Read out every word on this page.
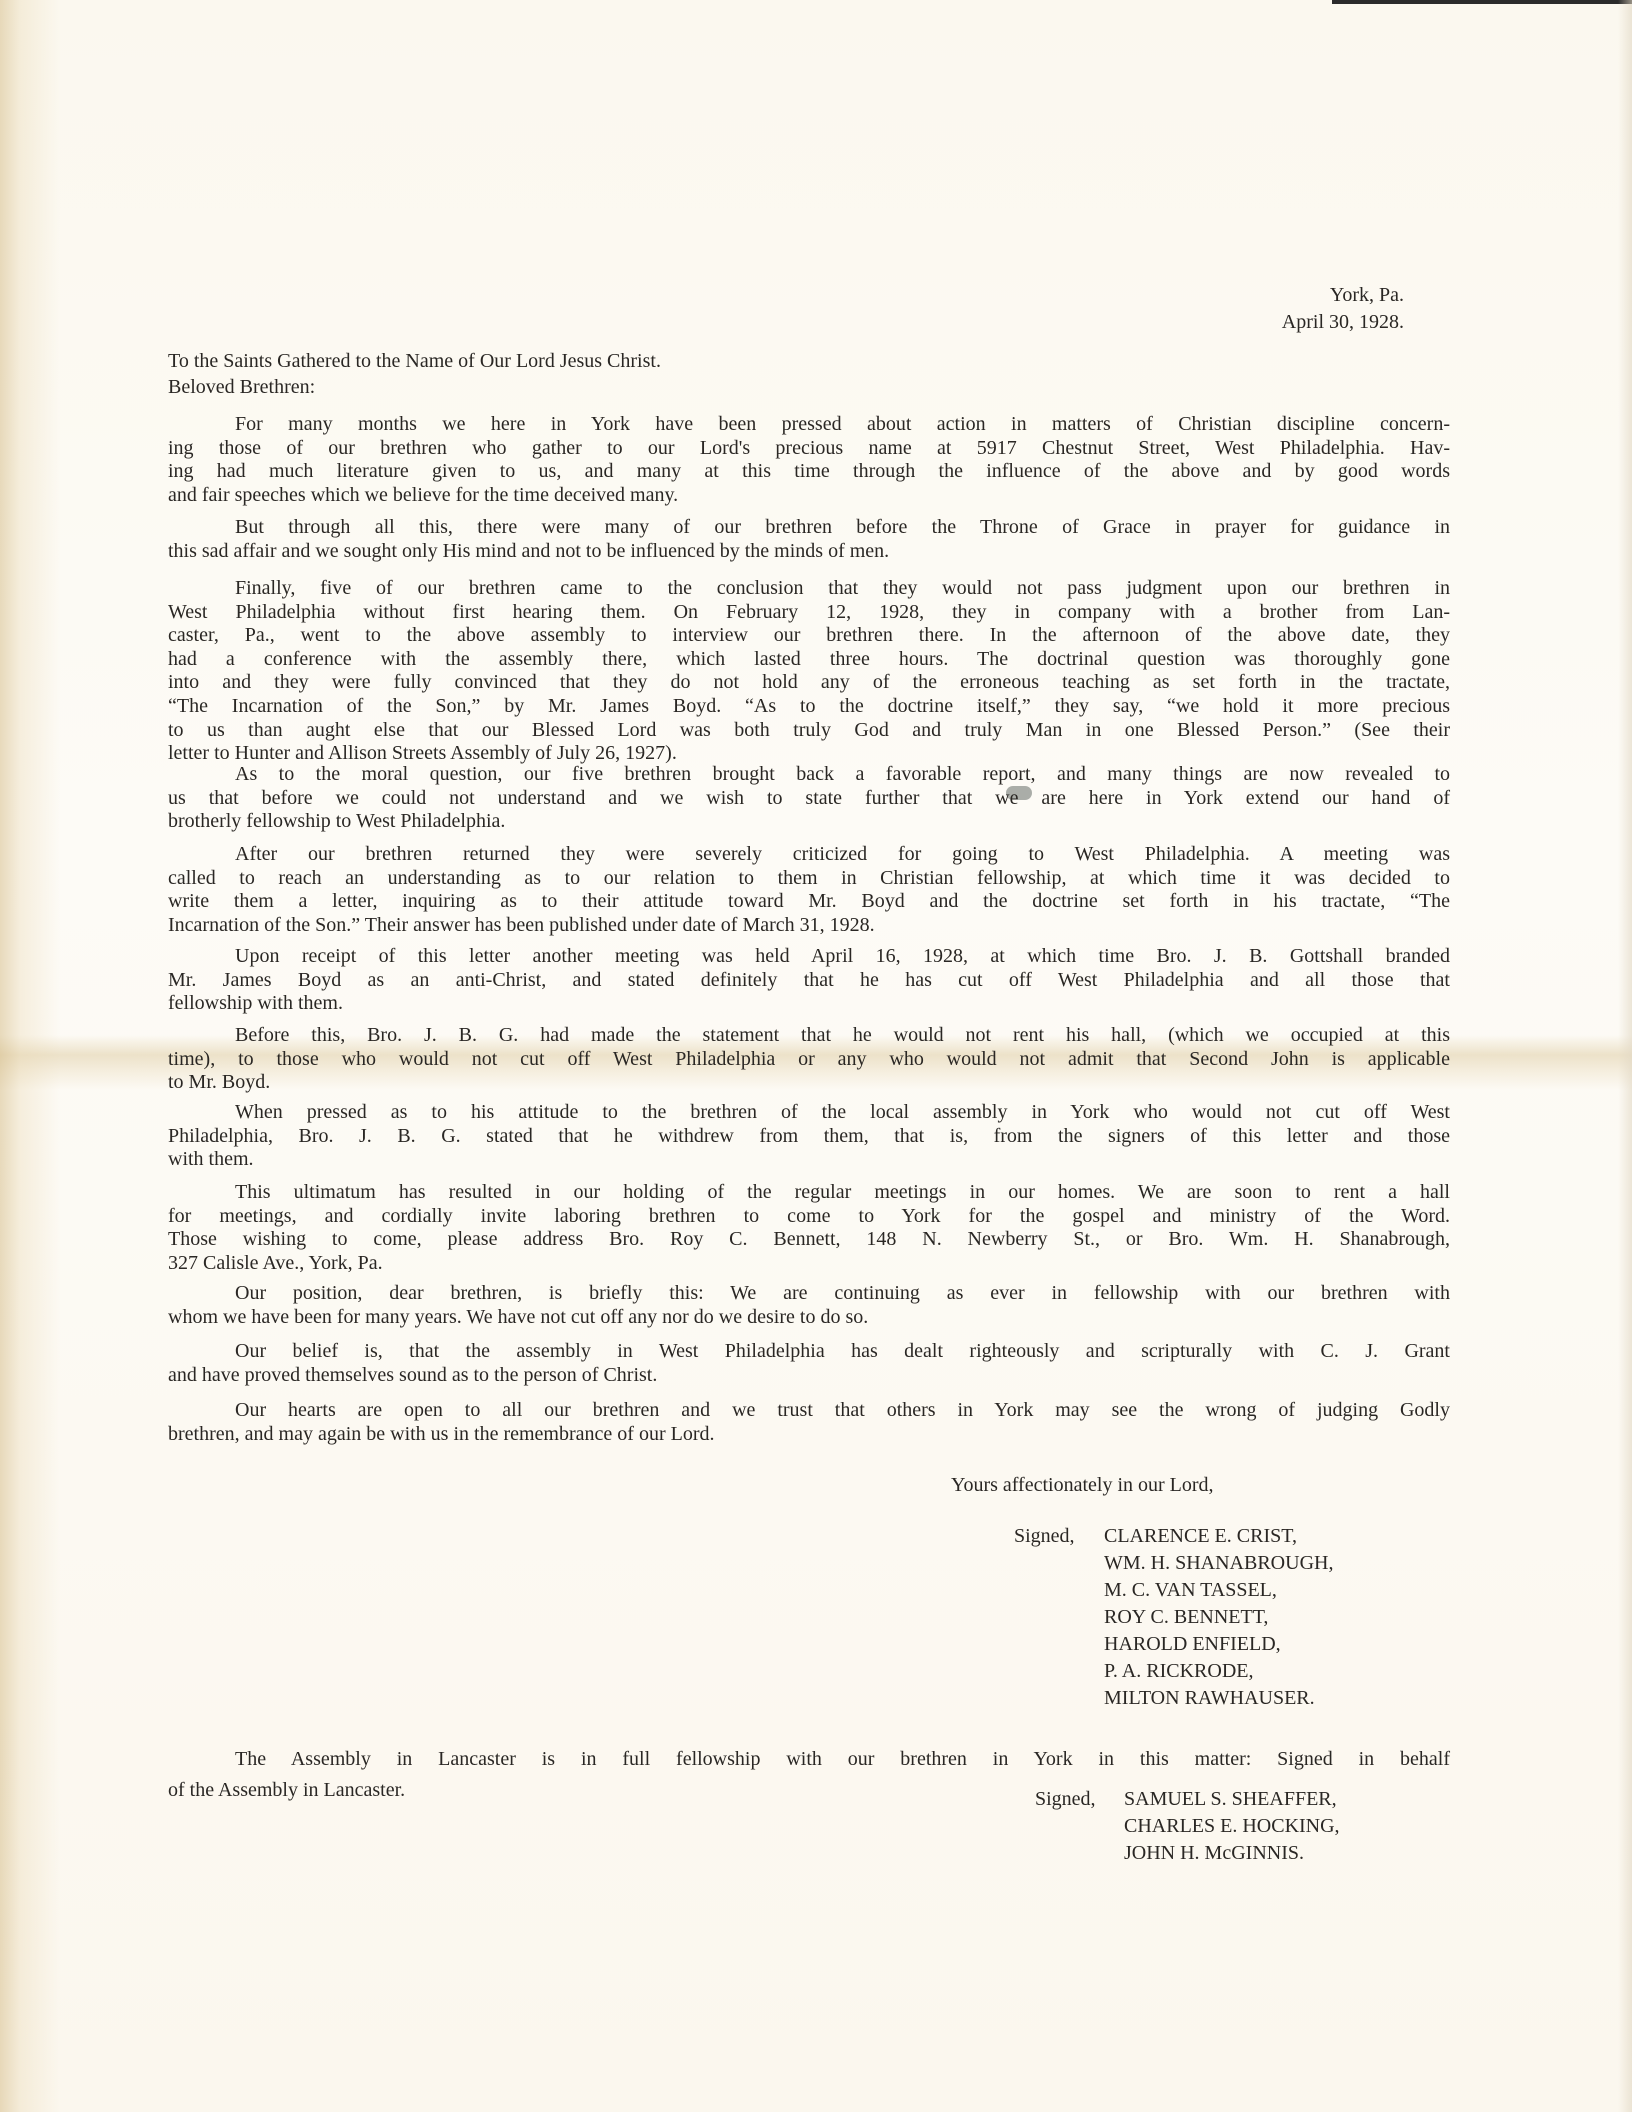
York, Pa.
April 30, 1928.
To the Saints Gathered to the Name of Our Lord Jesus Christ.
Beloved Brethren:
For many months we here in York have been pressed about action in matters of Christian discipline concern-
ing those of our brethren who gather to our Lord's precious name at 5917 Chestnut Street, West Philadelphia. Hav-
ing had much literature given to us, and many at this time through the influence of the above and by good words
and fair speeches which we believe for the time deceived many.
But through all this, there were many of our brethren before the Throne of Grace in prayer for guidance in
this sad affair and we sought only His mind and not to be influenced by the minds of men.
Finally, five of our brethren came to the conclusion that they would not pass judgment upon our brethren in
West Philadelphia without first hearing them. On February 12, 1928, they in company with a brother from Lan-
caster, Pa., went to the above assembly to interview our brethren there. In the afternoon of the above date, they
had a conference with the assembly there, which lasted three hours. The doctrinal question was thoroughly gone
into and they were fully convinced that they do not hold any of the erroneous teaching as set forth in the tractate,
“The Incarnation of the Son,” by Mr. James Boyd. “As to the doctrine itself,” they say, “we hold it more precious
to us than aught else that our Blessed Lord was both truly God and truly Man in one Blessed Person.” (See their
letter to Hunter and Allison Streets Assembly of July 26, 1927).
As to the moral question, our five brethren brought back a favorable report, and many things are now revealed to
us that before we could not understand and we wish to state further that we are here in York extend our hand of
brotherly fellowship to West Philadelphia.
After our brethren returned they were severely criticized for going to West Philadelphia. A meeting was
called to reach an understanding as to our relation to them in Christian fellowship, at which time it was decided to
write them a letter, inquiring as to their attitude toward Mr. Boyd and the doctrine set forth in his tractate, “The
Incarnation of the Son.” Their answer has been published under date of March 31, 1928.
Upon receipt of this letter another meeting was held April 16, 1928, at which time Bro. J. B. Gottshall branded
Mr. James Boyd as an anti-Christ, and stated definitely that he has cut off West Philadelphia and all those that
fellowship with them.
Before this, Bro. J. B. G. had made the statement that he would not rent his hall, (which we occupied at this
time), to those who would not cut off West Philadelphia or any who would not admit that Second John is applicable
to Mr. Boyd.
When pressed as to his attitude to the brethren of the local assembly in York who would not cut off West
Philadelphia, Bro. J. B. G. stated that he withdrew from them, that is, from the signers of this letter and those
with them.
This ultimatum has resulted in our holding of the regular meetings in our homes. We are soon to rent a hall
for meetings, and cordially invite laboring brethren to come to York for the gospel and ministry of the Word.
Those wishing to come, please address Bro. Roy C. Bennett, 148 N. Newberry St., or Bro. Wm. H. Shanabrough,
327 Calisle Ave., York, Pa.
Our position, dear brethren, is briefly this: We are continuing as ever in fellowship with our brethren with
whom we have been for many years. We have not cut off any nor do we desire to do so.
Our belief is, that the assembly in West Philadelphia has dealt righteously and scripturally with C. J. Grant
and have proved themselves sound as to the person of Christ.
Our hearts are open to all our brethren and we trust that others in York may see the wrong of judging Godly
brethren, and may again be with us in the remembrance of our Lord.
The Assembly in Lancaster is in full fellowship with our brethren in York in this matter: Signed in behalf
of the Assembly in Lancaster.
Yours affectionately in our Lord,
Signed,	CLARENCE E. CRIST,
WM. H. SHANABROUGH,
M. C. VAN TASSEL,
ROY C. BENNETT,
HAROLD ENFIELD,
P. A. RICKRODE,
MILTON RAWHAUSER.
Signed,	SAMUEL S. SHEAFFER,
CHARLES E. HOCKING,
JOHN H. McGINNIS.
